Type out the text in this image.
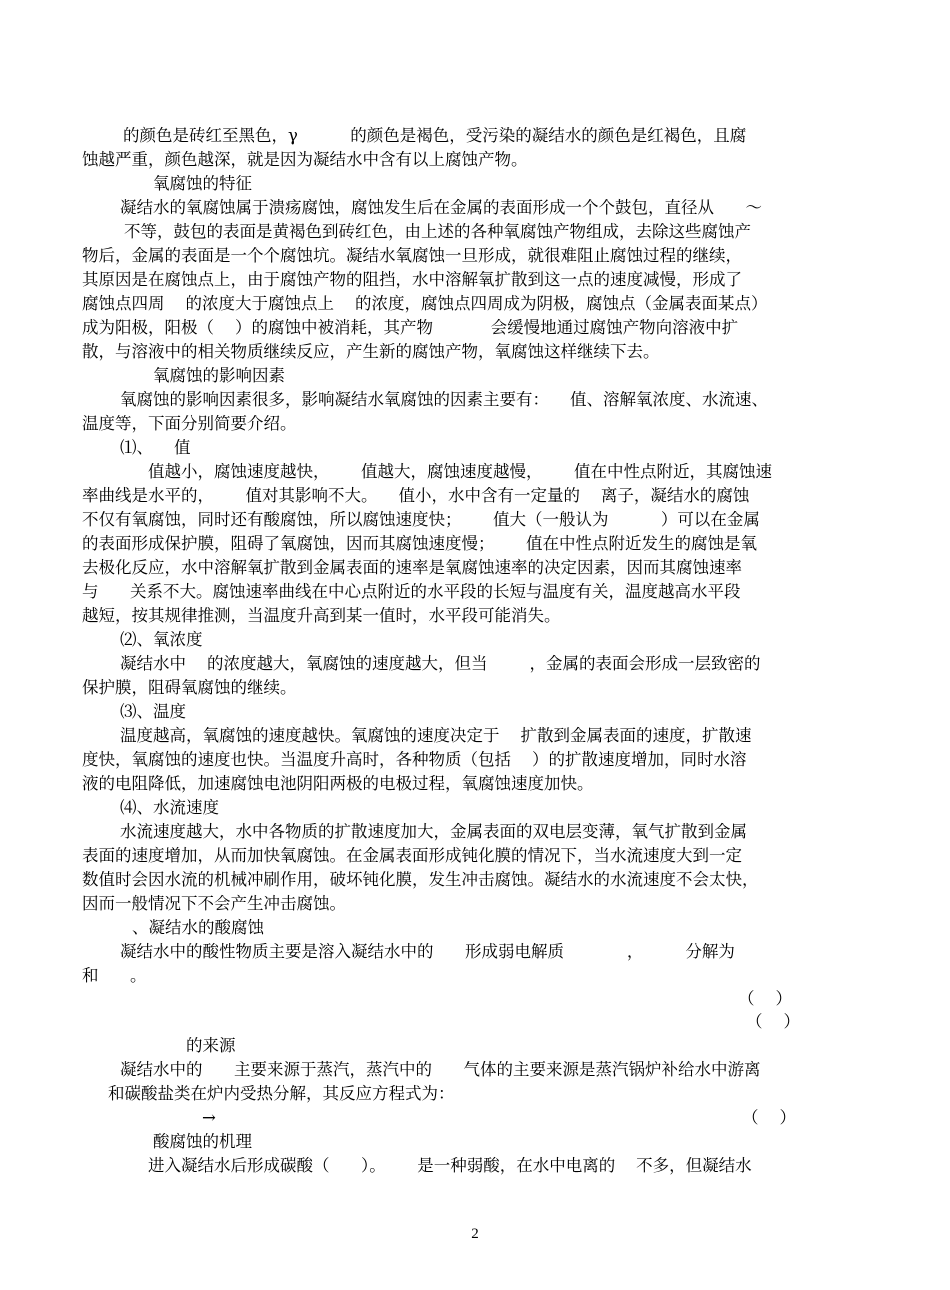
的颜色是砖红至黑色，γ          的颜色是褐色，受污染的凝结水的颜色是红褐色，且腐
蚀越严重，颜色越深，就是因为凝结水中含有以上腐蚀产物。
氧腐蚀的特征
凝结水的氧腐蚀属于溃疡腐蚀，腐蚀发生后在金属的表面形成一个个鼓包，直径从      ～
不等，鼓包的表面是黄褐色到砖红色，由上述的各种氧腐蚀产物组成，去除这些腐蚀产
物后，金属的表面是一个个腐蚀坑。凝结水氧腐蚀一旦形成，就很难阻止腐蚀过程的继续，
其原因是在腐蚀点上，由于腐蚀产物的阻挡，水中溶解氧扩散到这一点的速度减慢，形成了
腐蚀点四周    的浓度大于腐蚀点上    的浓度，腐蚀点四周成为阴极，腐蚀点（金属表面某点）
成为阳极，阳极（    ）的腐蚀中被消耗，其产物           会缓慢地通过腐蚀产物向溶液中扩
散，与溶液中的相关物质继续反应，产生新的腐蚀产物，氧腐蚀这样继续下去。
氧腐蚀的影响因素
氧腐蚀的影响因素很多，影响凝结水氧腐蚀的因素主要有：    值、溶解氧浓度、水流速、
温度等，下面分别简要介绍。
⑴、    值
值越小，腐蚀速度越快，      值越大，腐蚀速度越慢，      值在中性点附近，其腐蚀速
率曲线是水平的，      值对其影响不大。    值小，水中含有一定量的    离子，凝结水的腐蚀
不仅有氧腐蚀，同时还有酸腐蚀，所以腐蚀速度快；      值大（一般认为          ）可以在金属
的表面形成保护膜，阻碍了氧腐蚀，因而其腐蚀速度慢；      值在中性点附近发生的腐蚀是氧
去极化反应，水中溶解氧扩散到金属表面的速率是氧腐蚀速率的决定因素，因而其腐蚀速率
与      关系不大。腐蚀速率曲线在中心点附近的水平段的长短与温度有关，温度越高水平段
越短，按其规律推测，当温度升高到某一值时，水平段可能消失。
⑵、氧浓度
凝结水中    的浓度越大，氧腐蚀的速度越大，但当        ，金属的表面会形成一层致密的
保护膜，阻碍氧腐蚀的继续。
⑶、温度
温度越高，氧腐蚀的速度越快。氧腐蚀的速度决定于    扩散到金属表面的速度，扩散速
度快，氧腐蚀的速度也快。当温度升高时，各种物质（包括    ）的扩散速度增加，同时水溶
液的电阻降低，加速腐蚀电池阴阳两极的电极过程，氧腐蚀速度加快。
⑷、水流速度
水流速度越大，水中各物质的扩散速度加大，金属表面的双电层变薄，氧气扩散到金属
表面的速度增加，从而加快氧腐蚀。在金属表面形成钝化膜的情况下，当水流速度大到一定
数值时会因水流的机械冲刷作用，破坏钝化膜，发生冲击腐蚀。凝结水的水流速度不会太快，
因而一般情况下不会产生冲击腐蚀。
、凝结水的酸腐蚀
凝结水中的酸性物质主要是溶入凝结水中的      形成弱电解质            ，        分解为
和      。
（    ）
（    ）
的来源
凝结水中的      主要来源于蒸汽，蒸汽中的      气体的主要来源是蒸汽锅炉补给水中游离
和碳酸盐类在炉内受热分解，其反应方程式为：
→	（    ）
酸腐蚀的机理
进入凝结水后形成碳酸（      ）。      是一种弱酸，在水中电离的    不多，但凝结水
2
